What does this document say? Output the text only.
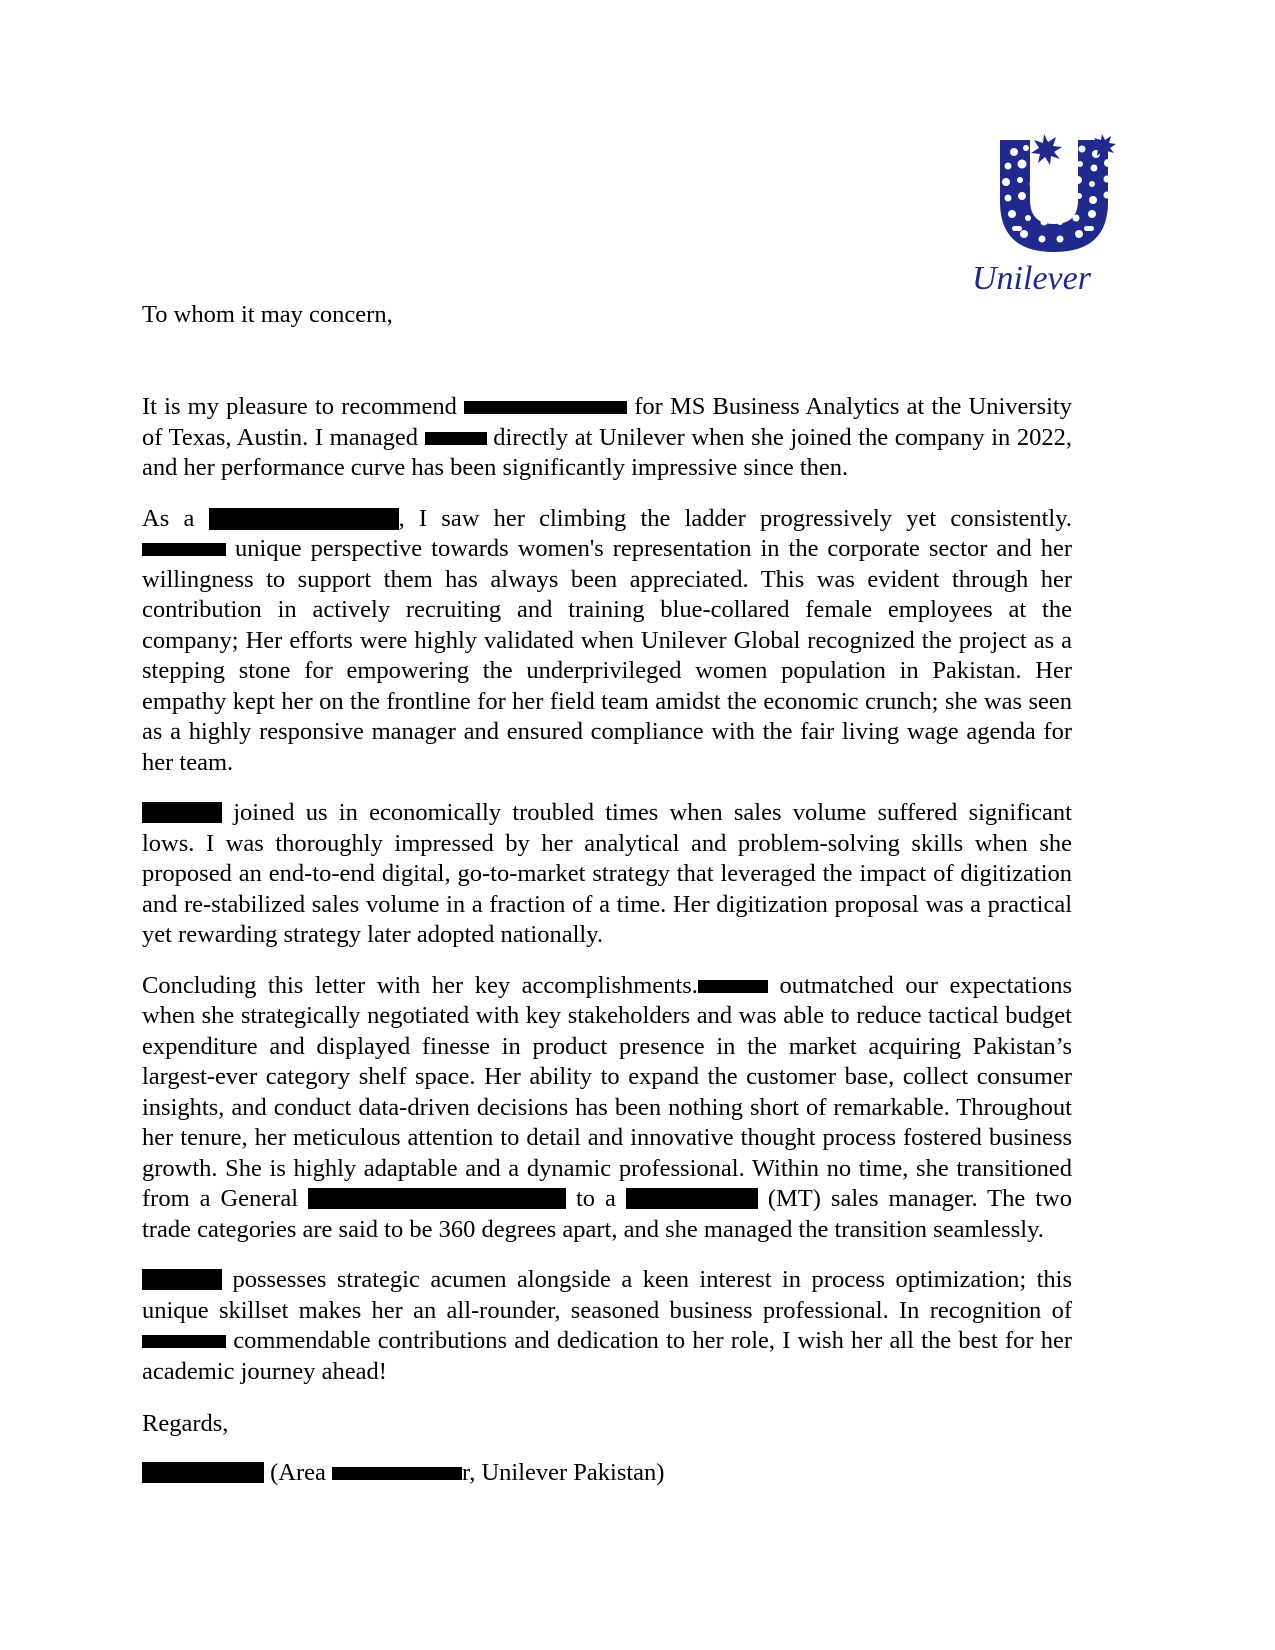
Unilever
To whom it may concern,

It is my pleasure to recommend	for MS Business Analytics at the University of Texas, Austin. I managed	directly at Unilever when she joined the company in 2022, and her performance curve has been significantly impressive since then.

As a	, I saw her climbing the ladder progressively yet consistently.  unique perspective towards women's representation in the corporate sector and her willingness to support them has always been appreciated. This was evident through her contribution in actively recruiting and training blue-collared female employees at the company; Her efforts were highly validated when Unilever Global recognized the project as a stepping stone for empowering the underprivileged women population in Pakistan. Her empathy kept her on the frontline for her field team amidst the economic crunch; she was seen as a highly responsive manager and ensured compliance with the fair living wage agenda for her team.

joined us in economically troubled times when sales volume suffered significant lows. I was thoroughly impressed by her analytical and problem-solving skills when she proposed an end-to-end digital, go-to-market strategy that leveraged the impact of digitization and re-stabilized sales volume in a fraction of a time. Her digitization proposal was a practical yet rewarding strategy later adopted nationally.

Concluding this letter with her key accomplishments.	outmatched our expectations when she strategically negotiated with key stakeholders and was able to reduce tactical budget expenditure and displayed finesse in product presence in the market acquiring Pakistan’s largest-ever category shelf space. Her ability to expand the customer base, collect consumer insights, and conduct data-driven decisions has been nothing short of remarkable. Throughout her tenure, her meticulous attention to detail and innovative thought process fostered business growth. She is highly adaptable and a dynamic professional. Within no time, she transitioned from a General	to a	(MT) sales manager. The two trade categories are said to be 360 degrees apart, and she managed the transition seamlessly.

possesses strategic acumen alongside a keen interest in process optimization; this unique skillset makes her an all-rounder, seasoned business professional. In recognition of  commendable contributions and dedication to her role, I wish her all the best for her academic journey ahead!

Regards,
(Area	r, Unilever Pakistan)
